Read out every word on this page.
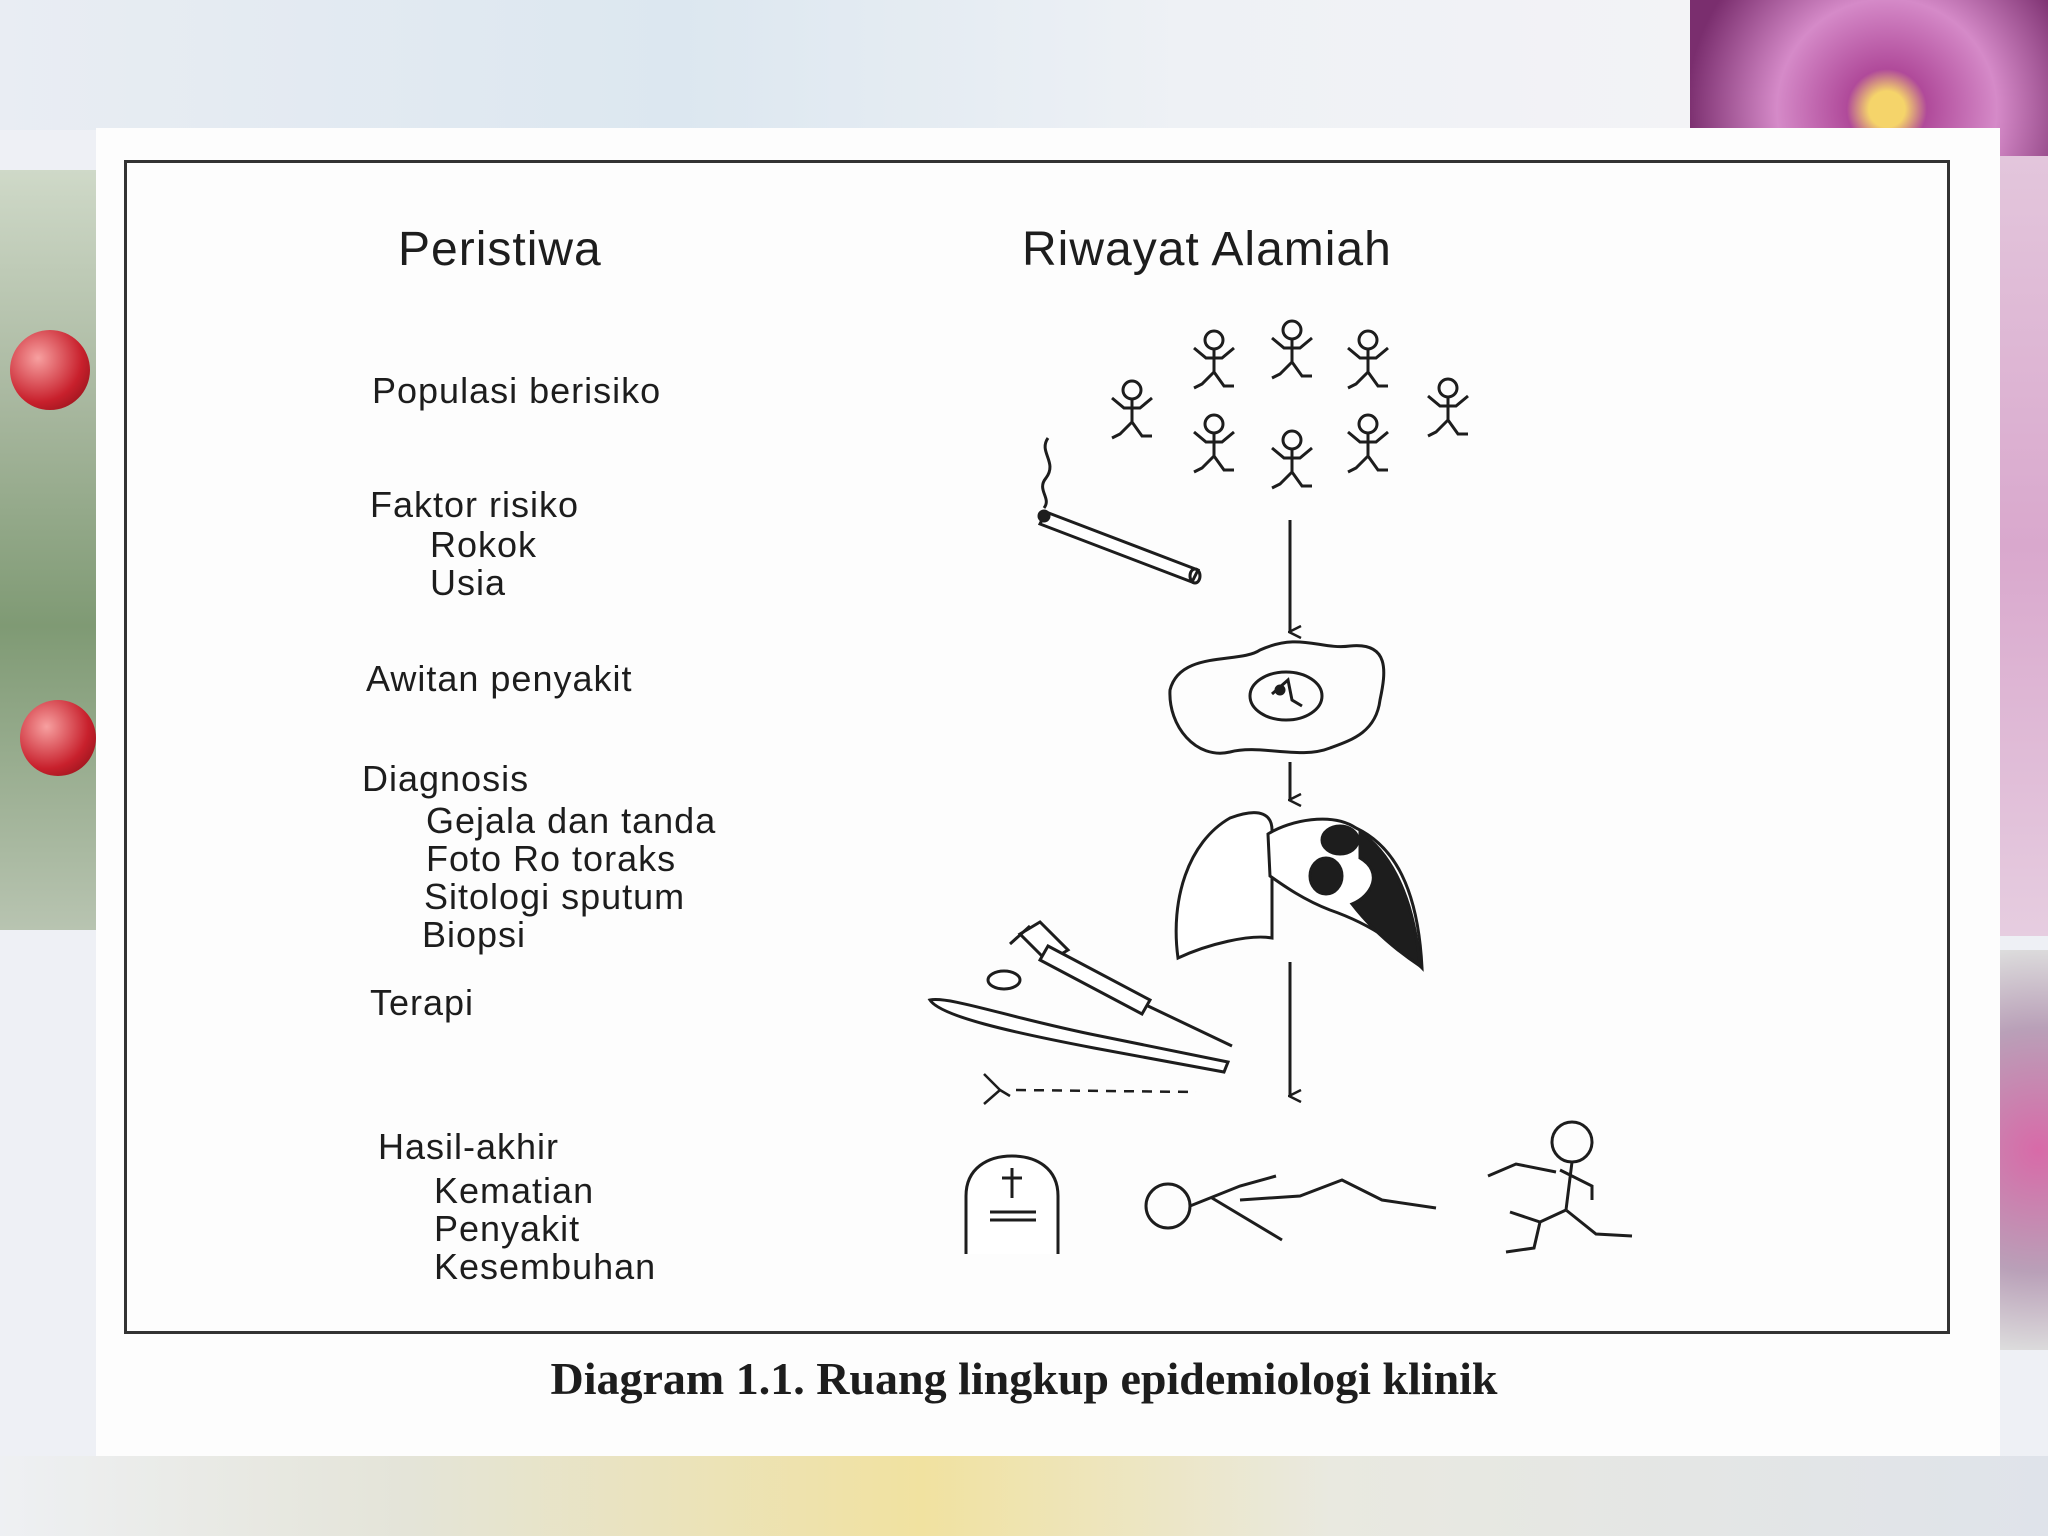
Peristiwa	Riwayat Alamiah
Populasi berisiko
Faktor risiko
Rokok
Usia
Awitan penyakit
Diagnosis
Gejala dan tanda
Foto Ro toraks
Sitologi sputum
Biopsi
Terapi
Hasil-akhir
Kematian
Penyakit
Kesembuhan
Diagram 1.1. Ruang lingkup epidemiologi klinik
